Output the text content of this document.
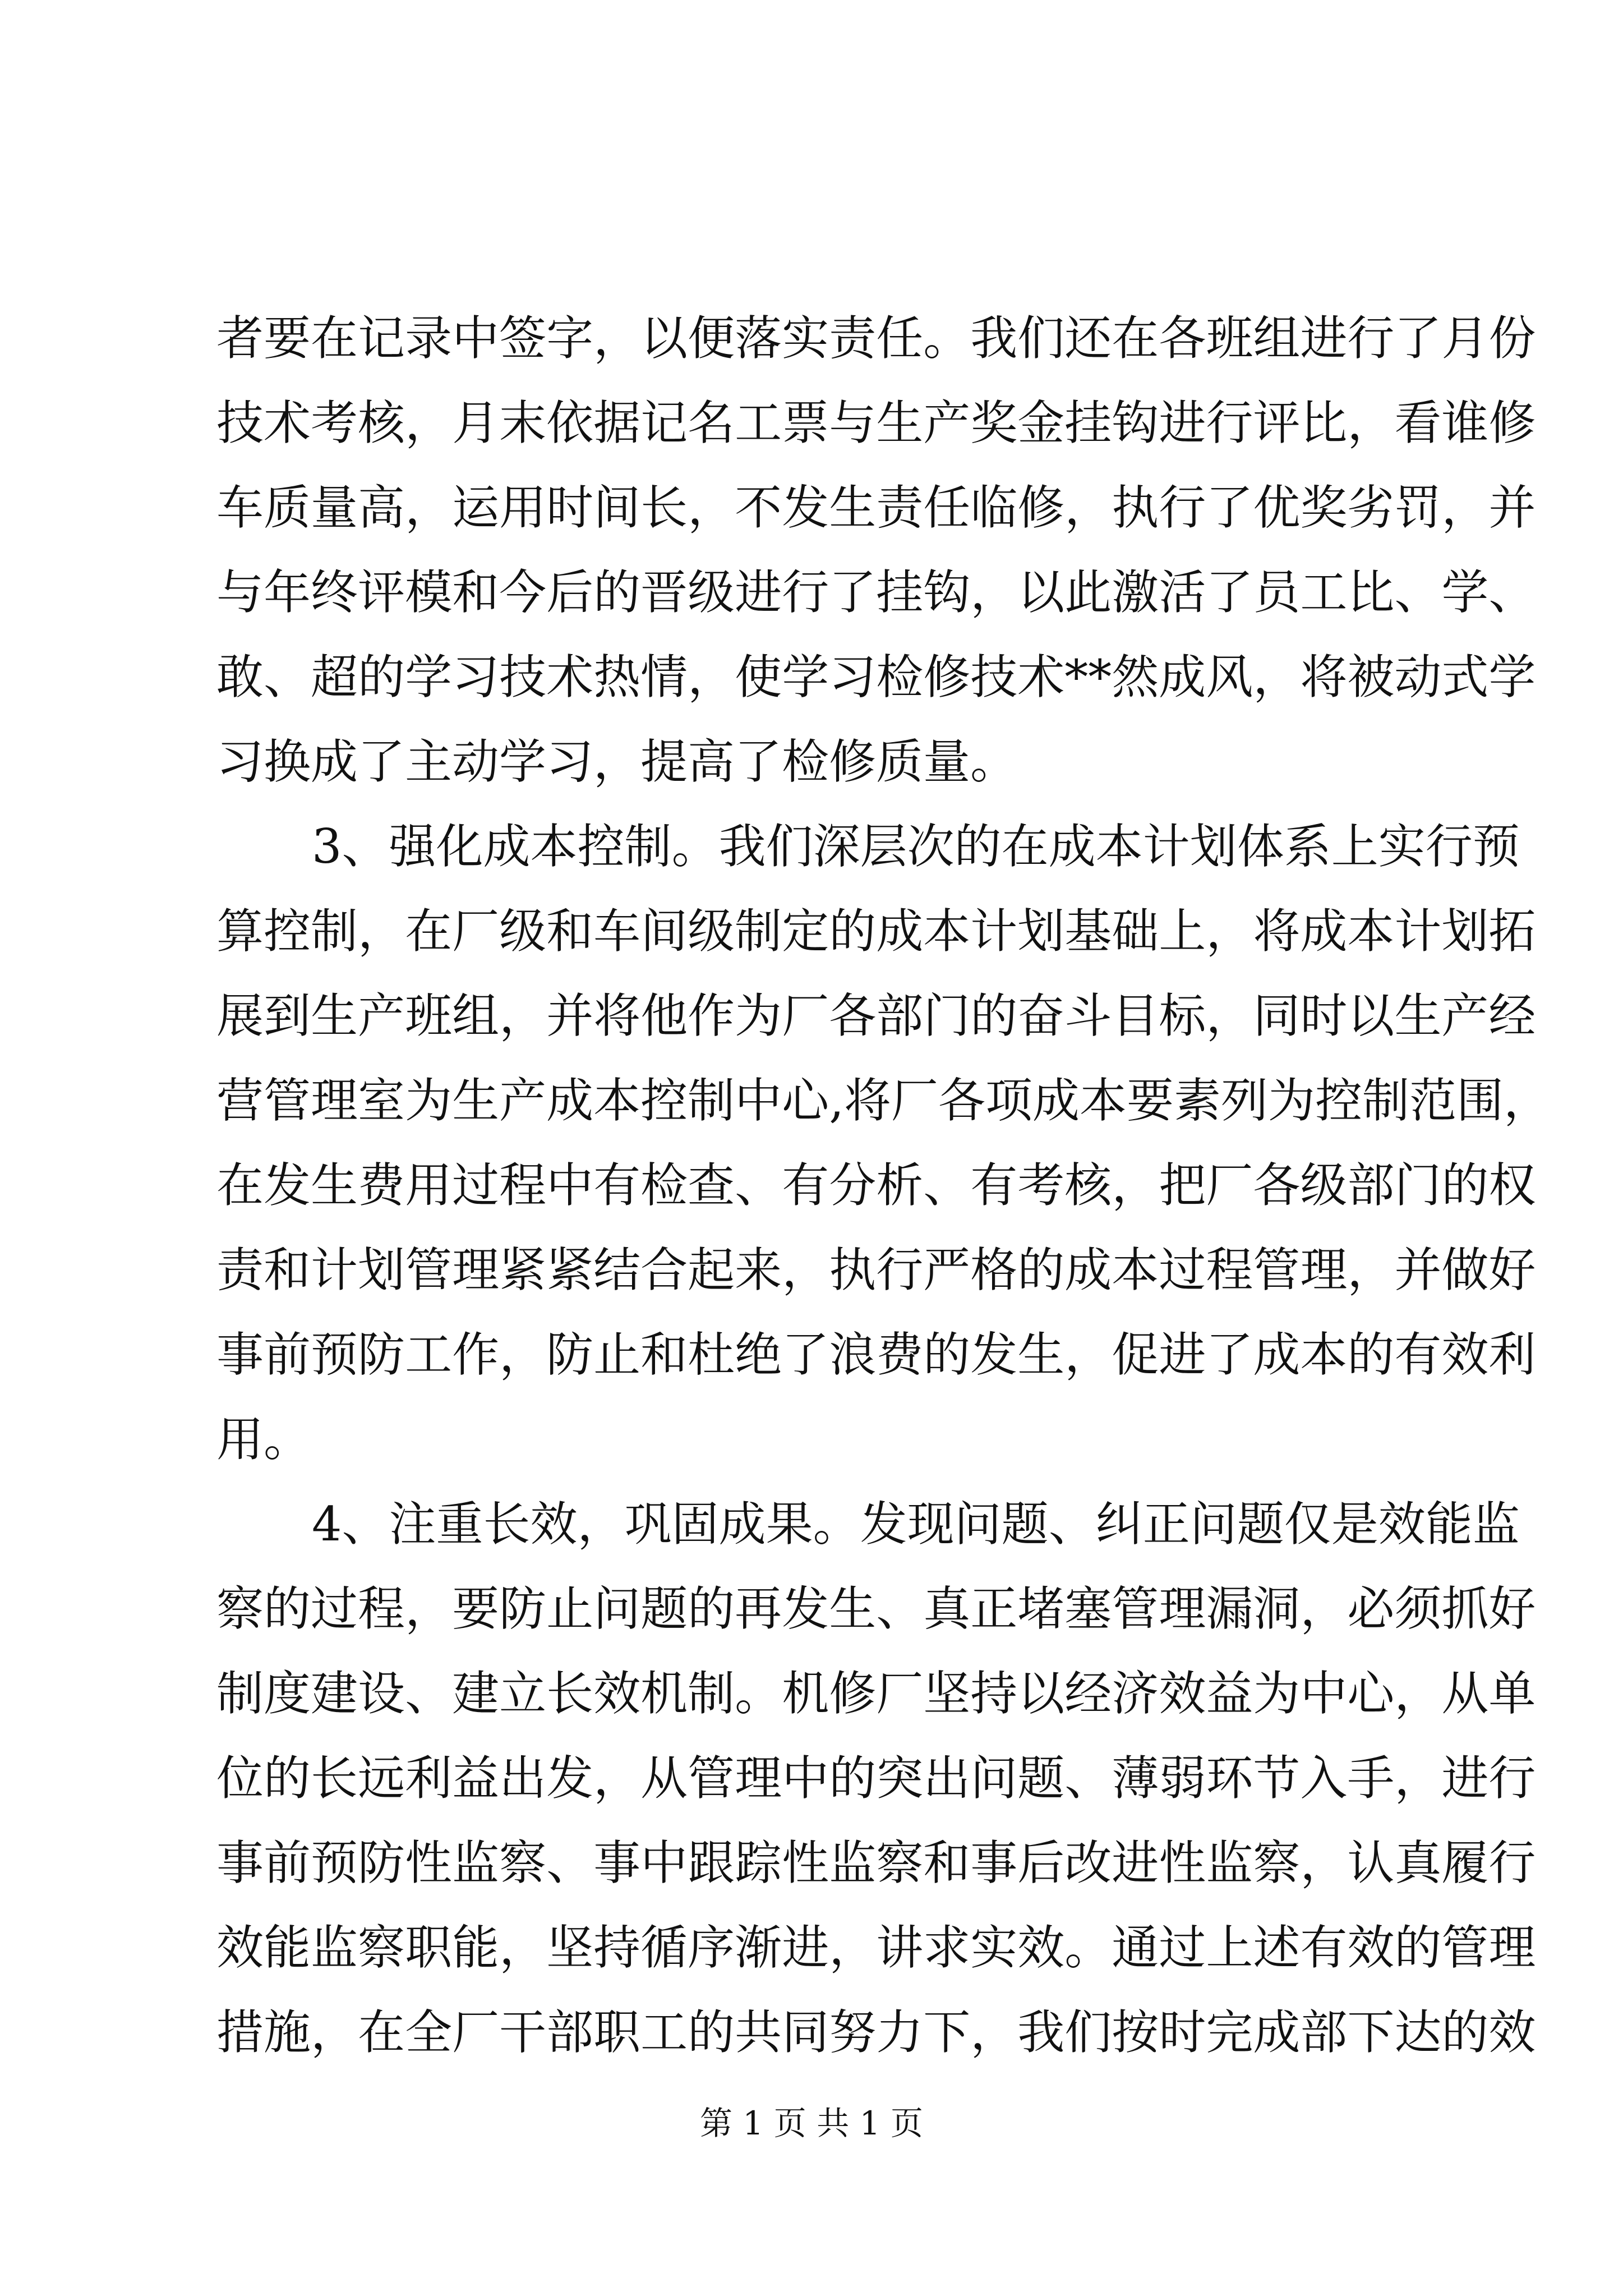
者 要 在 记 录 中 签 字 ， 以 便 落 实 责 任 。 我 们 还 在 各 班 组 进 行 了 月 份
技 术 考 核 ， 月 末 依 据 记 名 工 票 与 生 产 奖 金 挂 钩 进 行 评 比 ， 看 谁 修
车 质 量 高 ， 运 用 时 间 长 ， 不 发 生 责 任 临 修 ， 执 行 了 优 奖 劣 罚 ， 并
与 年 终 评 模 和 今 后 的 晋 级 进 行 了 挂 钩 ， 以 此 激 活 了 员 工 比 、 学 、
敢 、 超 的 学 习 技 术 热 情 ， 使 学 习 检 修 技 术 * * 然 成 风 ， 将 被 动 式 学
习换成了主动学习，提高了检修质量。
3 、 强 化 成 本 控 制 。 我 们 深 层 次 的 在 成 本 计 划 体 系 上 实 行 预
算 控 制 ， 在 厂 级 和 车 间 级 制 定 的 成 本 计 划 基 础 上 ， 将 成 本 计 划 拓
展 到 生 产 班 组 ， 并 将 他 作 为 厂 各 部 门 的 奋 斗 目 标 ， 同 时 以 生 产 经
营 管 理 室 为 生 产 成 本 控 制 中 心 , 将 厂 各 项 成 本 要 素 列 为 控 制 范 围 ，
在 发 生 费 用 过 程 中 有 检 查 、 有 分 析 、 有 考 核 ， 把 厂 各 级 部 门 的 权
责 和 计 划 管 理 紧 紧 结 合 起 来 ， 执 行 严 格 的 成 本 过 程 管 理 ， 并 做 好
事 前 预 防 工 作 ， 防 止 和 杜 绝 了 浪 费 的 发 生 ， 促 进 了 成 本 的 有 效 利
用。
4 、 注 重 长 效 ， 巩 固 成 果 。 发 现 问 题 、 纠 正 问 题 仅 是 效 能 监
察 的 过 程 ， 要 防 止 问 题 的 再 发 生 、 真 正 堵 塞 管 理 漏 洞 ， 必 须 抓 好
制 度 建 设 、 建 立 长 效 机 制 。 机 修 厂 坚 持 以 经 济 效 益 为 中 心 ， 从 单
位 的 长 远 利 益 出 发 ， 从 管 理 中 的 突 出 问 题 、 薄 弱 环 节 入 手 ， 进 行
事 前 预 防 性 监 察 、 事 中 跟 踪 性 监 察 和 事 后 改 进 性 监 察 ， 认 真 履 行
效 能 监 察 职 能 ， 坚 持 循 序 渐 进 ， 讲 求 实 效 。 通 过 上 述 有 效 的 管 理
措 施 ， 在 全 厂 干 部 职 工 的 共 同 努 力 下 ， 我 们 按 时 完 成 部 下 达 的 效
第 1 页 共 1 页
